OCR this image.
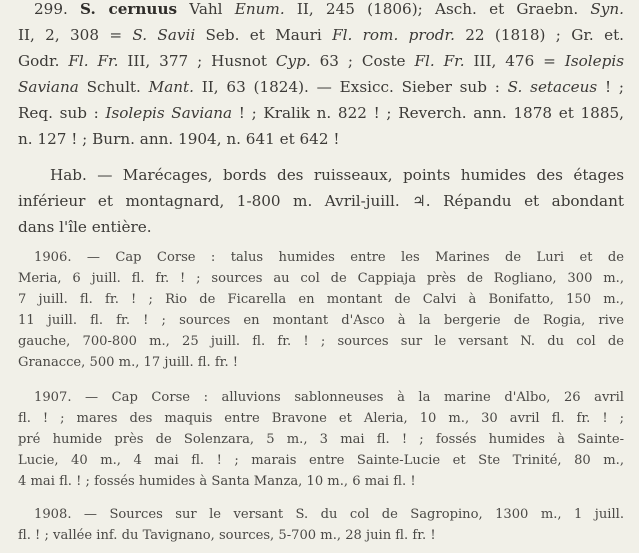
299. S. cernuus Vahl Enum. II, 245 (1806); Asch. et Graebn. Syn.
II, 2, 308 = S. Savii Seb. et Mauri Fl. rom. prodr. 22 (1818) ; Gr. et.
Godr. Fl. Fr. III, 377 ; Husnot Cyp. 63 ; Coste Fl. Fr. III, 476 = Isolepis
Saviana Schult. Mant. II, 63 (1824). — Exsicc. Sieber sub : S. setaceus ! ;
Req. sub : Isolepis Saviana ! ; Kralik n. 822 ! ; Reverch. ann. 1878 et 1885,
n. 127 ! ; Burn. ann. 1904, n. 641 et 642 !
Hab. — Marécages, bords des ruisseaux, points humides des étages
inférieur et montagnard, 1-800 m. Avril-juill. ♃. Répandu et abondant
dans l'île entière.
1906. — Cap Corse : talus humides entre les Marines de Luri et de
Meria, 6 juill. fl. fr. ! ; sources au col de Cappiaja près de Rogliano, 300 m.,
7 juill. fl. fr. ! ; Rio de Ficarella en montant de Calvi à Bonifatto, 150 m.,
11 juill. fl. fr. ! ; sources en montant d'Asco à la bergerie de Rogia, rive
gauche, 700-800 m., 25 juill. fl. fr. ! ; sources sur le versant N. du col de
Granacce, 500 m., 17 juill. fl. fr. !
1907. — Cap Corse : alluvions sablonneuses à la marine d'Albo, 26 avril
fl. ! ; mares des maquis entre Bravone et Aleria, 10 m., 30 avril fl. fr. ! ;
pré humide près de Solenzara, 5 m., 3 mai fl. ! ; fossés humides à Sainte-
Lucie, 40 m., 4 mai fl. ! ; marais entre Sainte-Lucie et Ste Trinité, 80 m.,
4 mai fl. ! ; fossés humides à Santa Manza, 10 m., 6 mai fl. !
1908. — Sources sur le versant S. du col de Sagropino, 1300 m., 1 juill.
fl. ! ; vallée inf. du Tavignano, sources, 5-700 m., 28 juin fl. fr. !
